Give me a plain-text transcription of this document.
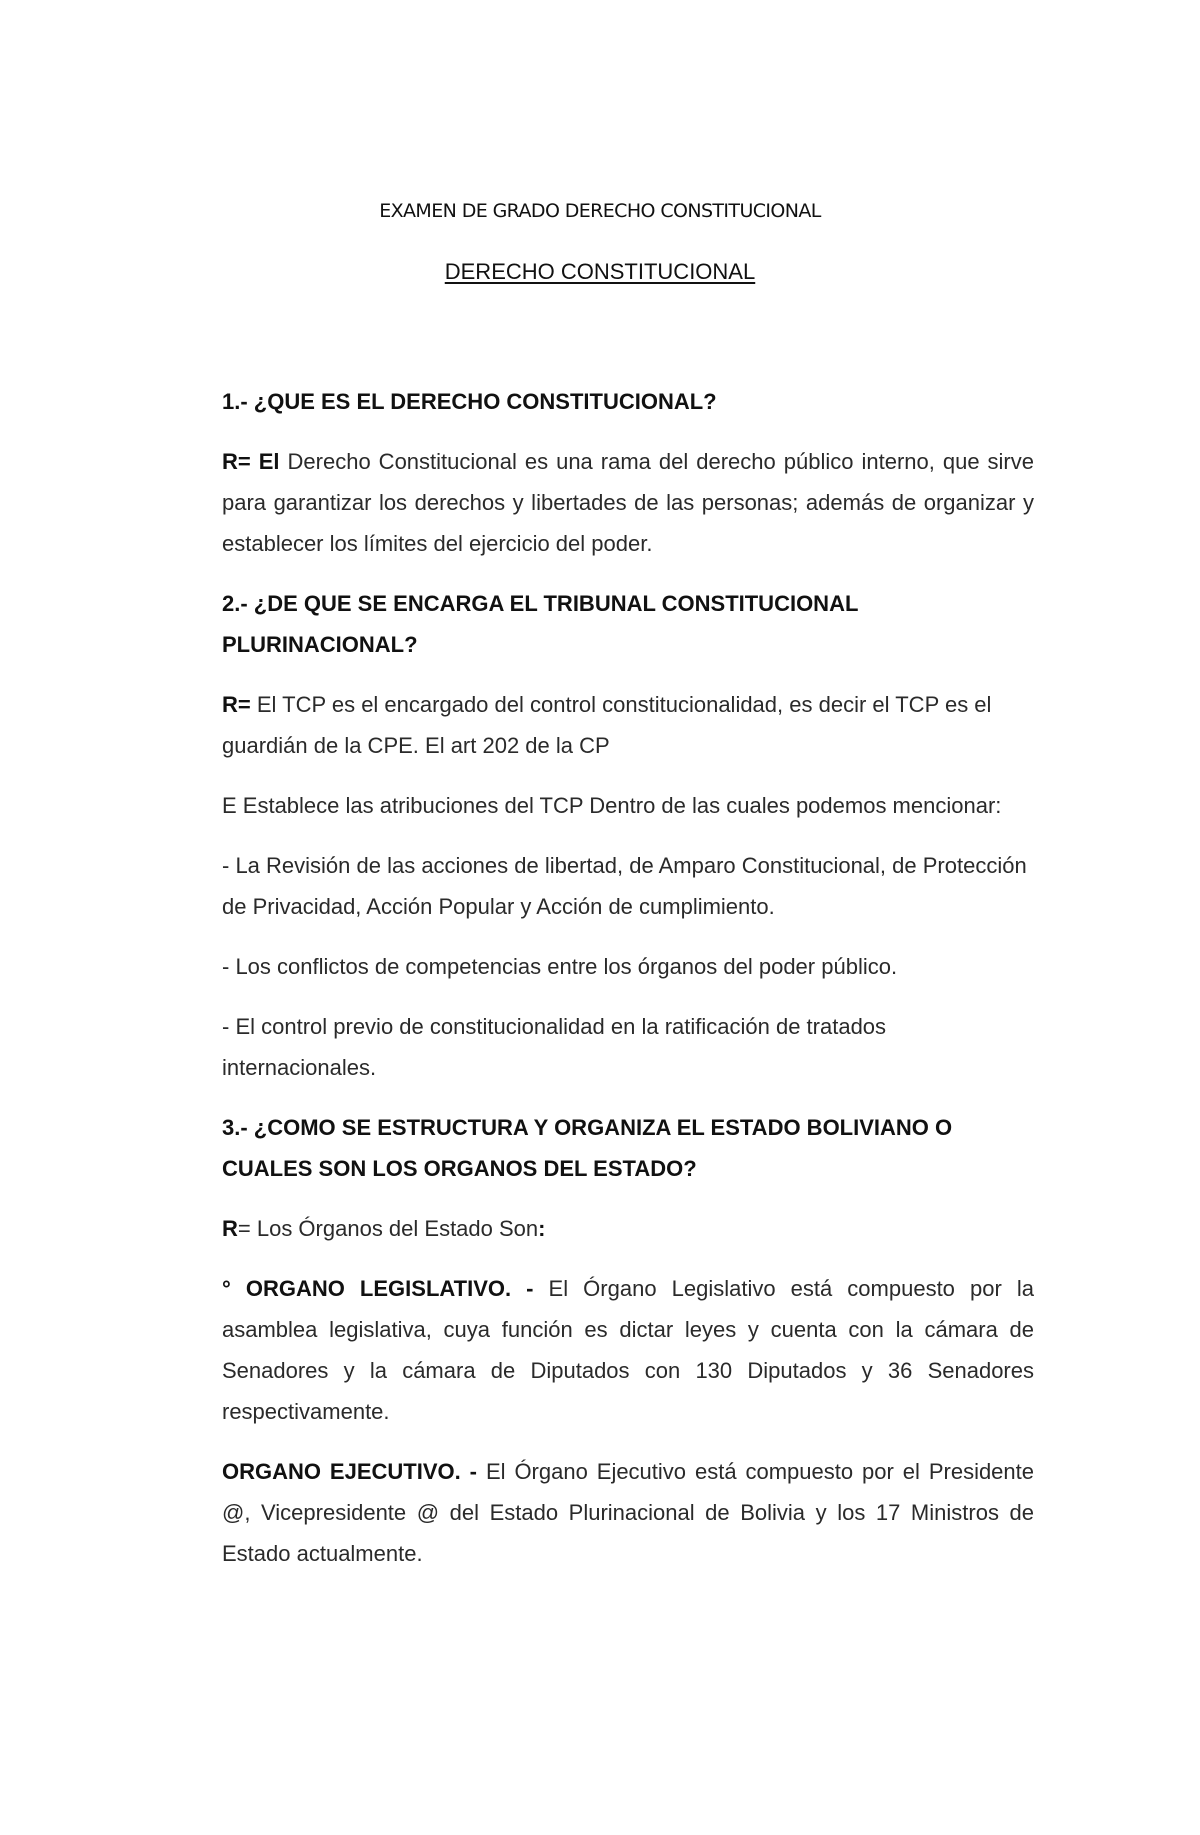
EXAMEN DE GRADO DERECHO CONSTITUCIONAL
DERECHO CONSTITUCIONAL
1.- ¿QUE ES EL DERECHO CONSTITUCIONAL?
R= El Derecho Constitucional es una rama del derecho público interno, que sirve para garantizar los derechos y libertades de las personas; además de organizar y establecer los límites del ejercicio del poder.
2.- ¿DE QUE SE ENCARGA EL TRIBUNAL CONSTITUCIONAL PLURINACIONAL?
R= El TCP es el encargado del control constitucionalidad, es decir el TCP es el guardián de la CPE. El art 202 de la CP
E Establece las atribuciones del TCP Dentro de las cuales podemos mencionar:
- La Revisión de las acciones de libertad, de Amparo Constitucional, de Protección de Privacidad, Acción Popular y Acción de cumplimiento.
- Los conflictos de competencias entre los órganos del poder público.
- El control previo de constitucionalidad en la ratificación de tratados internacionales.
3.- ¿COMO SE ESTRUCTURA Y ORGANIZA EL ESTADO BOLIVIANO O CUALES SON LOS ORGANOS DEL ESTADO?
R= Los Órganos del Estado Son:
° ORGANO LEGISLATIVO. - El Órgano Legislativo está compuesto por la asamblea legislativa, cuya función es dictar leyes y cuenta con la cámara de Senadores y la cámara de Diputados con 130 Diputados y 36 Senadores respectivamente.
ORGANO EJECUTIVO. - El Órgano Ejecutivo está compuesto por el Presidente @, Vicepresidente @ del Estado Plurinacional de Bolivia y los 17 Ministros de Estado actualmente.
